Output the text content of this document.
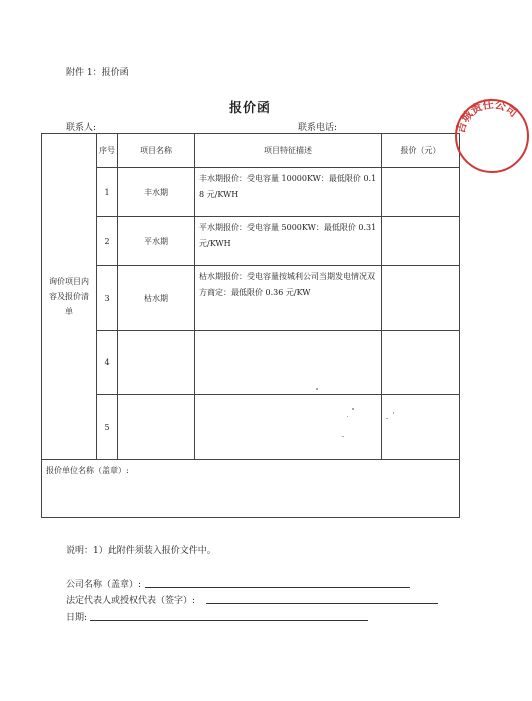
附件 1：报价函
报价函
联系人:	联系电话:
询价项目内容及报价清单	序号	项目名称	项目特征描述	报价（元）
	1	丰水期	丰水期报价：受电容量 10000KW：最低限价 0.18 元/KWH	
	2	平水期	平水期报价：受电容量 5000KW：最低限价 0.31 元/KWH	
	3	枯水期	枯水期报价：受电容量按城利公司当期发电情况双方商定：最低限价 0.36 元/KW	
	4			
	5			
报价单位名称（盖章）:				
说明：1）此附件须装入报价文件中。
公司名称（盖章）:
法定代表人或授权代表（签字）:
日期:
吉城责任公司
